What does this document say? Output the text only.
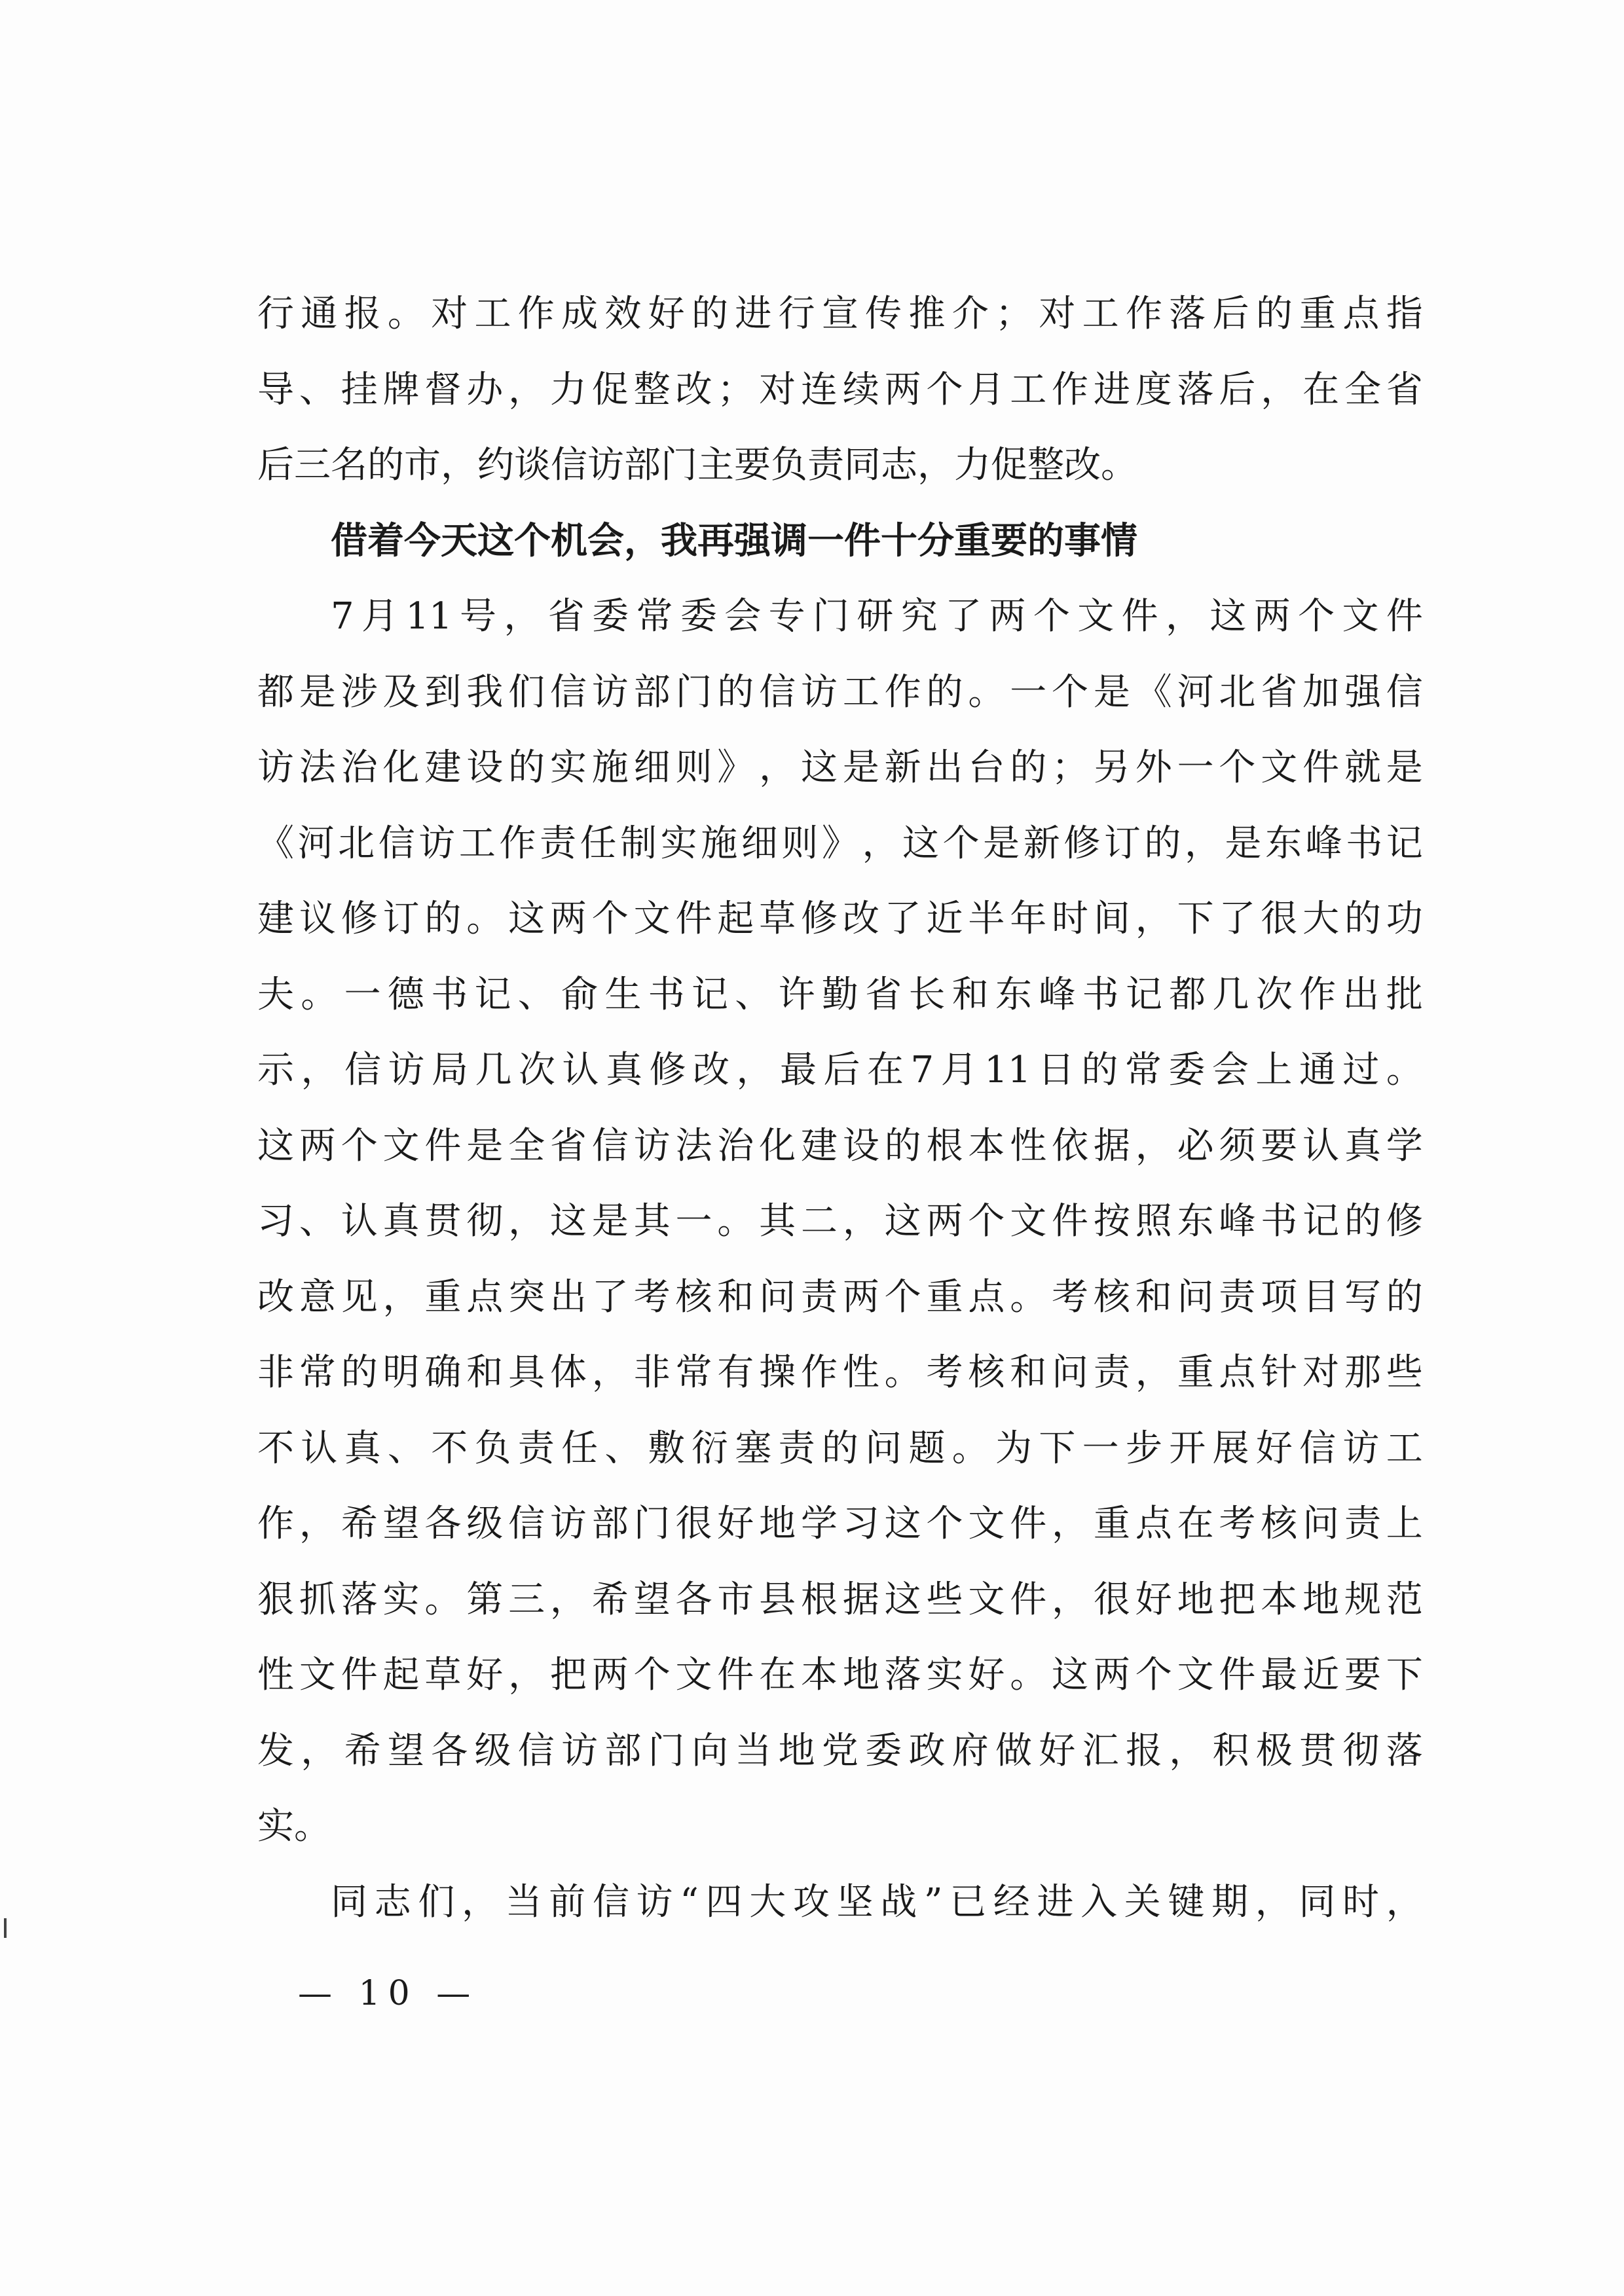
行 通 报 。 对 工 作 成 效 好 的 进 行 宣 传 推 介 ； 对 工 作 落 后 的 重 点 指
导 、 挂 牌 督 办 ， 力 促 整 改 ； 对 连 续 两 个 月 工 作 进 度 落 后 ， 在 全 省
后 三 名 的 市 ， 约 谈 信 访 部 门 主 要 负 责 同 志 ， 力 促 整 改 。
借 着 今 天 这 个 机 会 ， 我 再 强 调 一 件 十 分 重 要 的 事 情
7 月 11 号 ， 省 委 常 委 会 专 门 研 究 了 两 个 文 件 ， 这 两 个 文 件
都 是 涉 及 到 我 们 信 访 部 门 的 信 访 工 作 的 。 一 个 是 《 河 北 省 加 强 信
访 法 治 化 建 设 的 实 施 细 则 》 ， 这 是 新 出 台 的 ； 另 外 一 个 文 件 就 是
《 河 北 信 访 工 作 责 任 制 实 施 细 则 》 ， 这 个 是 新 修 订 的 ， 是 东 峰 书 记
建 议 修 订 的 。 这 两 个 文 件 起 草 修 改 了 近 半 年 时 间 ， 下 了 很 大 的 功
夫 。 一 德 书 记 、 俞 生 书 记 、 许 勤 省 长 和 东 峰 书 记 都 几 次 作 出 批
示 ， 信 访 局 几 次 认 真 修 改 ， 最 后 在 7 月 11 日 的 常 委 会 上 通 过 。
这 两 个 文 件 是 全 省 信 访 法 治 化 建 设 的 根 本 性 依 据 ， 必 须 要 认 真 学
习 、 认 真 贯 彻 ， 这 是 其 一 。 其 二 ， 这 两 个 文 件 按 照 东 峰 书 记 的 修
改 意 见 ， 重 点 突 出 了 考 核 和 问 责 两 个 重 点 。 考 核 和 问 责 项 目 写 的
非 常 的 明 确 和 具 体 ， 非 常 有 操 作 性 。 考 核 和 问 责 ， 重 点 针 对 那 些
不 认 真 、 不 负 责 任 、 敷 衍 塞 责 的 问 题 。 为 下 一 步 开 展 好 信 访 工
作 ， 希 望 各 级 信 访 部 门 很 好 地 学 习 这 个 文 件 ， 重 点 在 考 核 问 责 上
狠 抓 落 实 。 第 三 ， 希 望 各 市 县 根 据 这 些 文 件 ， 很 好 地 把 本 地 规 范
性 文 件 起 草 好 ， 把 两 个 文 件 在 本 地 落 实 好 。 这 两 个 文 件 最 近 要 下
发 ， 希 望 各 级 信 访 部 门 向 当 地 党 委 政 府 做 好 汇 报 ， 积 极 贯 彻 落
实 。
同 志 们 ， 当 前 信 访 “ 四 大 攻 坚 战 ” 已 经 进 入 关 键 期 ， 同 时 ，
— 10 —
